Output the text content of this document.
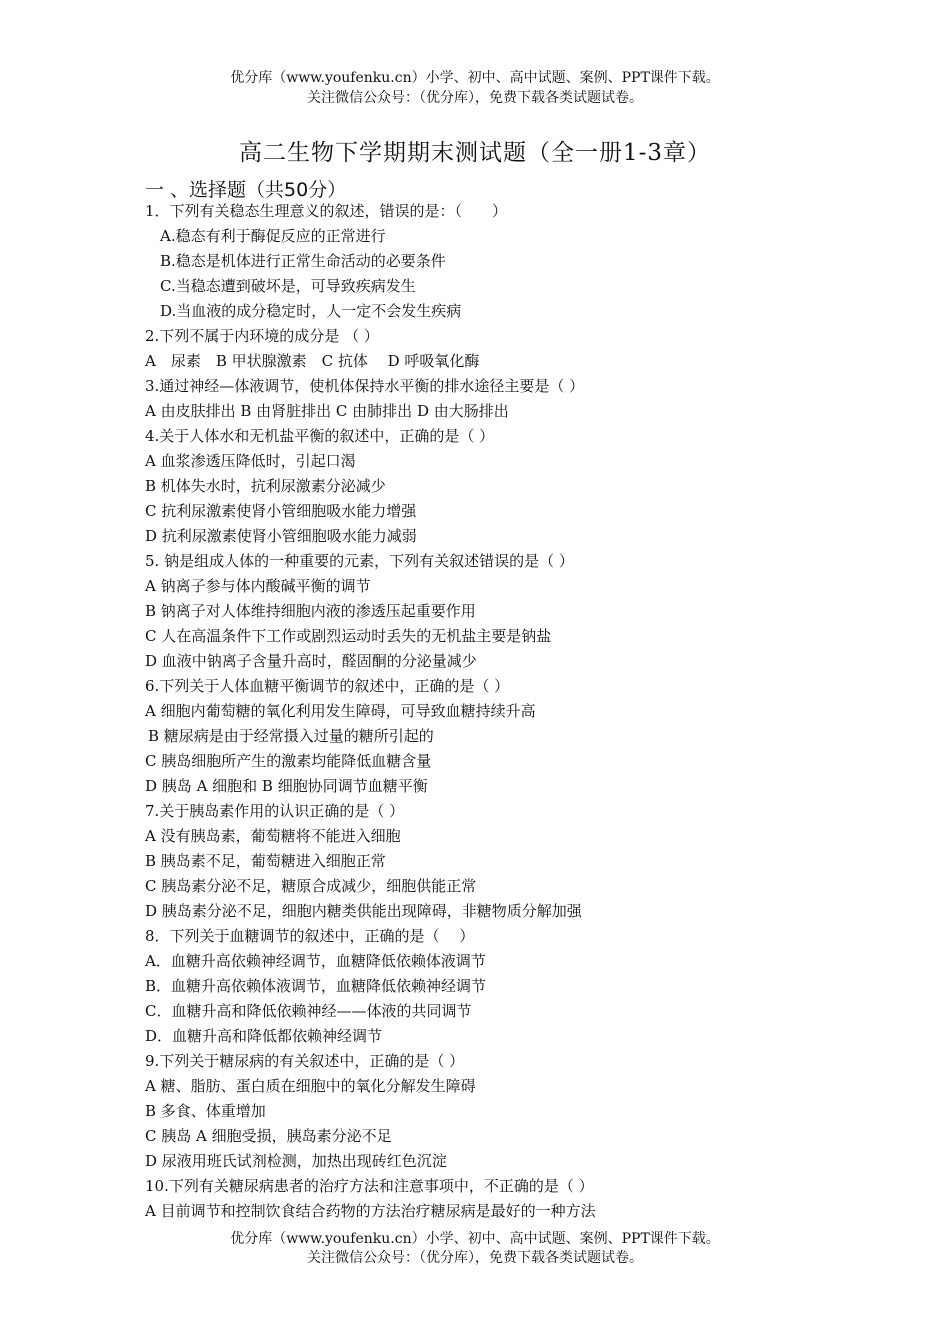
优分库（www.youfenku.cn）小学、初中、高中试题、案例、PPT课件下载。
关注微信公众号：（优分库），免费下载各类试题试卷。
高二生物下学期期末测试题（全一册1-3章）
一 、选择题（共50分）
1．下列有关稳态生理意义的叙述，错误的是：（　　）
A.稳态有利于酶促反应的正常进行
B.稳态是机体进行正常生命活动的必要条件
C.当稳态遭到破坏是，可导致疾病发生
D.当血液的成分稳定时，人一定不会发生疾病
2.下列不属于内环境的成分是 （ ）
A　尿素　B 甲状腺激素　C 抗体　 D 呼吸氧化酶
3.通过神经—体液调节，使机体保持水平衡的排水途径主要是（ ）
A 由皮肤排出 B 由肾脏排出 C 由肺排出 D 由大肠排出
4.关于人体水和无机盐平衡的叙述中，正确的是（ ）
A 血浆渗透压降低时，引起口渴
B 机体失水时，抗利尿激素分泌减少
C 抗利尿激素使肾小管细胞吸水能力增强
D 抗利尿激素使肾小管细胞吸水能力减弱
5. 钠是组成人体的一种重要的元素，下列有关叙述错误的是（ ）
A 钠离子参与体内酸碱平衡的调节
B 钠离子对人体维持细胞内液的渗透压起重要作用
C 人在高温条件下工作或剧烈运动时丢失的无机盐主要是钠盐
D 血液中钠离子含量升高时，醛固酮的分泌量减少
6.下列关于人体血糖平衡调节的叙述中，正确的是（ ）
A 细胞内葡萄糖的氧化利用发生障碍，可导致血糖持续升高
B 糖尿病是由于经常摄入过量的糖所引起的
C 胰岛细胞所产生的激素均能降低血糖含量
D 胰岛 A 细胞和 B 细胞协同调节血糖平衡
7.关于胰岛素作用的认识正确的是（ ）
A 没有胰岛素，葡萄糖将不能进入细胞
B 胰岛素不足，葡萄糖进入细胞正常
C 胰岛素分泌不足，糖原合成减少，细胞供能正常
D 胰岛素分泌不足，细胞内糖类供能出现障碍，非糖物质分解加强
8．下列关于血糖调节的叙述中，正确的是（　 ）
A．血糖升高依赖神经调节，血糖降低依赖体液调节
B．血糖升高依赖体液调节，血糖降低依赖神经调节
C．血糖升高和降低依赖神经——体液的共同调节
D．血糖升高和降低都依赖神经调节
9.下列关于糖尿病的有关叙述中，正确的是（ ）
A 糖、脂肪、蛋白质在细胞中的氧化分解发生障碍
B 多食、体重增加
C 胰岛 A 细胞受损，胰岛素分泌不足
D 尿液用班氏试剂检测，加热出现砖红色沉淀
10.下列有关糖尿病患者的治疗方法和注意事项中，不正确的是（ ）
A 目前调节和控制饮食结合药物的方法治疗糖尿病是最好的一种方法
优分库（www.youfenku.cn）小学、初中、高中试题、案例、PPT课件下载。
关注微信公众号：（优分库），免费下载各类试题试卷。
